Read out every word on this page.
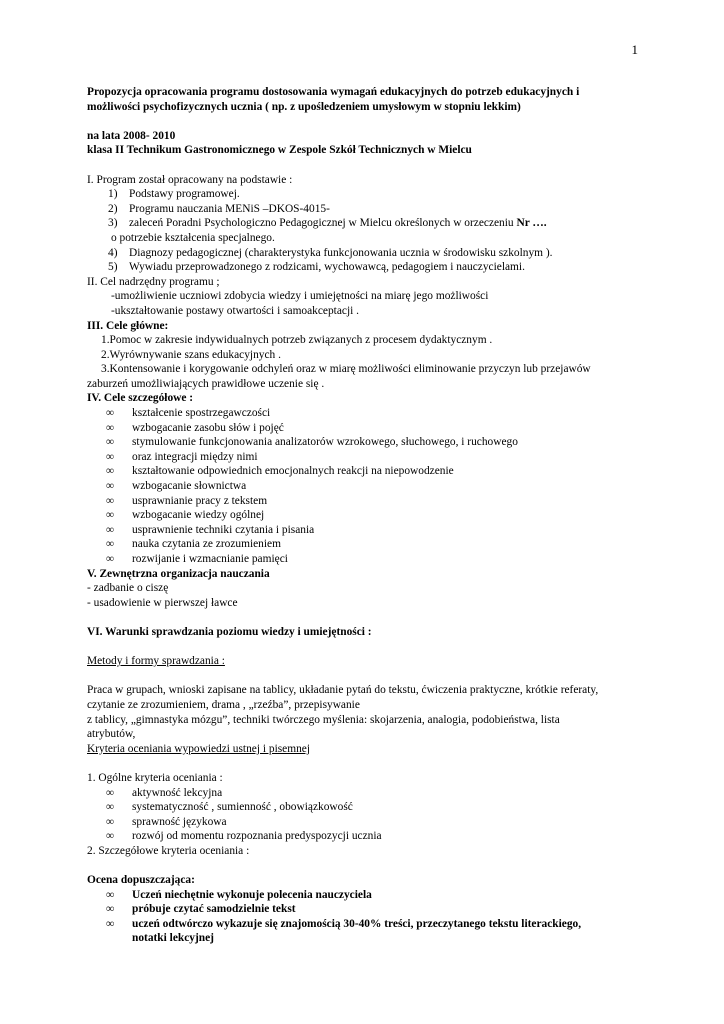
1
Propozycja opracowania programu dostosowania wymagań edukacyjnych do potrzeb edukacyjnych i
możliwości psychofizycznych ucznia ( np. z upośledzeniem umysłowym w stopniu lekkim)
na lata 2008- 2010
klasa II Technikum Gastronomicznego w Zespole Szkół Technicznych w Mielcu
I. Program został opracowany na podstawie :
1) Podstawy programowej.
2) Programu nauczania MENiS –DKOS-4015-
3) zaleceń Poradni Psychologiczno Pedagogicznej w Mielcu określonych w orzeczeniu Nr ….
o potrzebie kształcenia specjalnego.
4) Diagnozy pedagogicznej (charakterystyka funkcjonowania ucznia w środowisku szkolnym ).
5) Wywiadu przeprowadzonego z rodzicami, wychowawcą, pedagogiem i nauczycielami.
II. Cel nadrzędny programu ;
-umożliwienie uczniowi zdobycia wiedzy i umiejętności na miarę jego możliwości
-ukształtowanie postawy otwartości i samoakceptacji .
III. Cele główne:
1.Pomoc w zakresie indywidualnych potrzeb związanych z procesem dydaktycznym .
2.Wyrównywanie szans edukacyjnych .
3.Kontensowanie i korygowanie odchyleń oraz w miarę możliwości eliminowanie przyczyn lub przejawów
zaburzeń umożliwiających prawidłowe uczenie się .
IV. Cele szczegółowe :
∞ kształcenie spostrzegawczości
∞ wzbogacanie zasobu słów i pojęć
∞ stymulowanie funkcjonowania analizatorów wzrokowego, słuchowego, i ruchowego
∞ oraz integracji między nimi
∞ kształtowanie odpowiednich emocjonalnych reakcji na niepowodzenie
∞ wzbogacanie słownictwa
∞ usprawnianie pracy z tekstem
∞ wzbogacanie wiedzy ogólnej
∞ usprawnienie techniki czytania i pisania
∞ nauka czytania ze zrozumieniem
∞ rozwijanie i wzmacnianie pamięci
V. Zewnętrzna organizacja nauczania
- zadbanie o ciszę
- usadowienie w pierwszej ławce
VI. Warunki sprawdzania poziomu wiedzy i umiejętności :
Metody i formy sprawdzania :
Praca w grupach, wnioski zapisane na tablicy, układanie pytań do tekstu, ćwiczenia praktyczne, krótkie referaty,
czytanie ze zrozumieniem, drama , „rzeźba”, przepisywanie
z tablicy, „gimnastyka mózgu”, techniki twórczego myślenia: skojarzenia, analogia, podobieństwa, lista
atrybutów,
Kryteria oceniania wypowiedzi ustnej i pisemnej
1. Ogólne kryteria oceniania :
∞ aktywność lekcyjna
∞ systematyczność , sumienność , obowiązkowość
∞ sprawność językowa
∞ rozwój od momentu rozpoznania predyspozycji ucznia
2. Szczegółowe kryteria oceniania :
Ocena dopuszczająca:
∞ Uczeń niechętnie wykonuje polecenia nauczyciela
∞ próbuje czytać samodzielnie tekst
∞ uczeń odtwórczo wykazuje się znajomością 30-40% treści, przeczytanego tekstu literackiego,
notatki lekcyjnej
